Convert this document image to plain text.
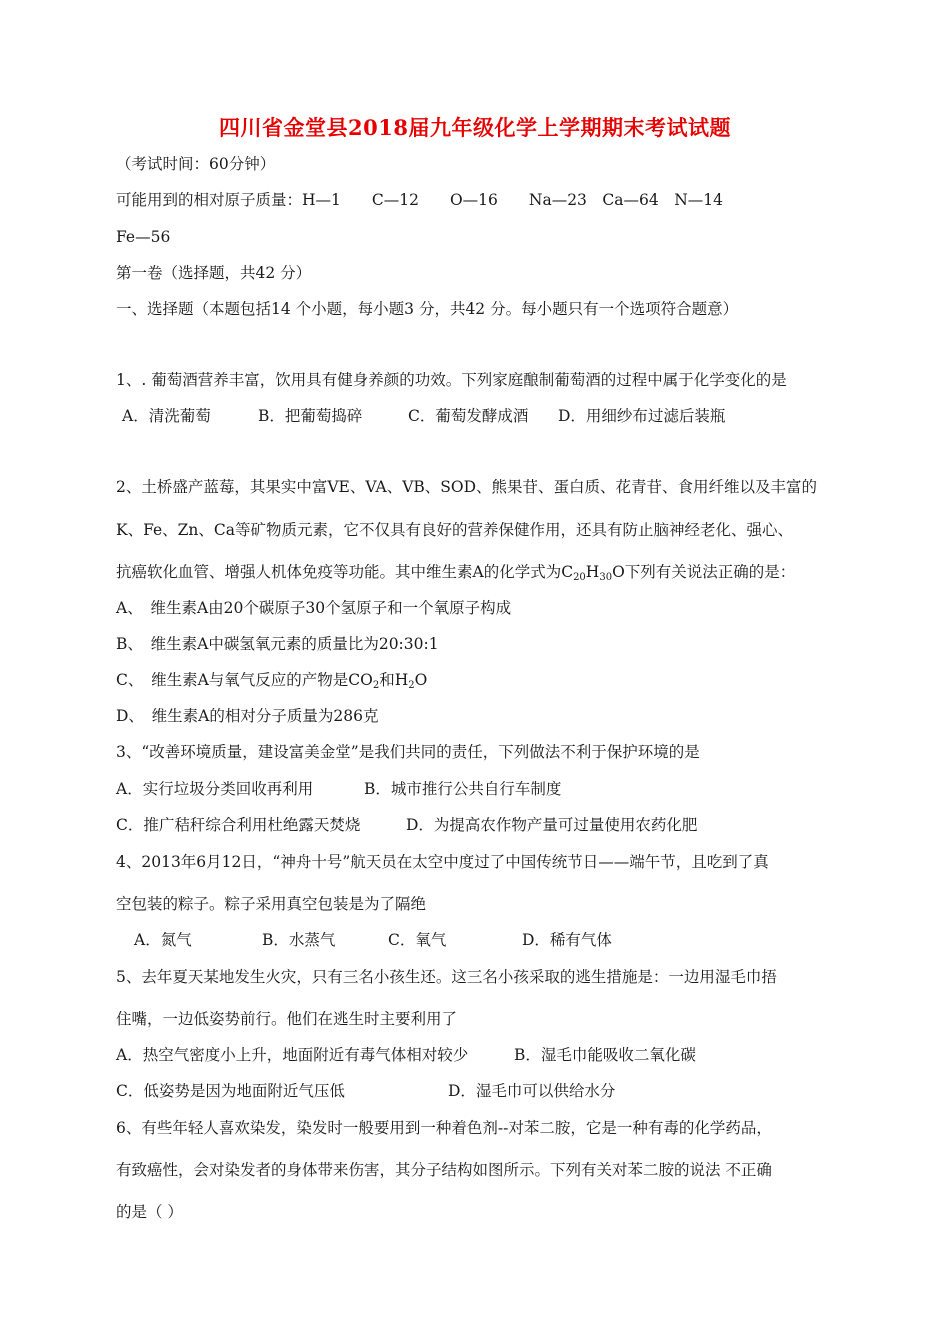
四川省金堂县2018届九年级化学上学期期末考试试题
（考试时间：60分钟）
可能用到的相对原子质量：H—1　　C—12　　O—16　　Na—23　Ca—64　N—14
Fe—56
第一卷（选择题，共42 分）
一、选择题（本题包括14 个小题，每小题3 分，共42 分。每小题只有一个选项符合题意）
1、. 葡萄酒营养丰富，饮用具有健身养颜的功效。下列家庭酿制葡萄酒的过程中属于化学变化的是
A．清洗葡萄	B．把葡萄捣碎	C．葡萄发酵成酒 D．用细纱布过滤后装瓶
2、土桥盛产蓝莓，其果实中富VE、VA、VB、SOD、熊果苷、蛋白质、花青苷、食用纤维以及丰富的
K、Fe、Zn、Ca等矿物质元素，它不仅具有良好的营养保健作用，还具有防止脑神经老化、强心、
抗癌软化血管、增强人机体免疫等功能。其中维生素A的化学式为$C_{20}H_{30}O$下列有关说法正确的是：
A、　维生素A由20个碳原子30个氢原子和一个氧原子构成
B、　维生素A中碳氢氧元素的质量比为20:30:1
C、　维生素A与氧气反应的产物是$CO_2$和$H_2O$
D、　维生素A的相对分子质量为286克
3、“改善环境质量，建设富美金堂”是我们共同的责任，下列做法不利于保护环境的是
A．实行垃圾分类回收再利用	B．城市推行公共自行车制度
C．推广秸秆综合利用杜绝露天焚烧	D．为提高农作物产量可过量使用农药化肥
4、2013年6月12日，“神舟十号”航天员在太空中度过了中国传统节日——端午节，且吃到了真
空包装的粽子。粽子采用真空包装是为了隔绝
A．氮气	B．水蒸气	C．氧气	D．稀有气体
5、去年夏天某地发生火灾，只有三名小孩生还。这三名小孩采取的逃生措施是：一边用湿毛巾捂
住嘴，一边低姿势前行。他们在逃生时主要利用了
A．热空气密度小上升，地面附近有毒气体相对较少	B．湿毛巾能吸收二氧化碳
C．低姿势是因为地面附近气压低	D．湿毛巾可以供给水分
6、有些年轻人喜欢染发，染发时一般要用到一种着色剂--对苯二胺，它是一种有毒的化学药品，
有致癌性，会对染发者的身体带来伤害，其分子结构如图所示。下列有关对苯二胺的说法 不正确
的是（ ）
